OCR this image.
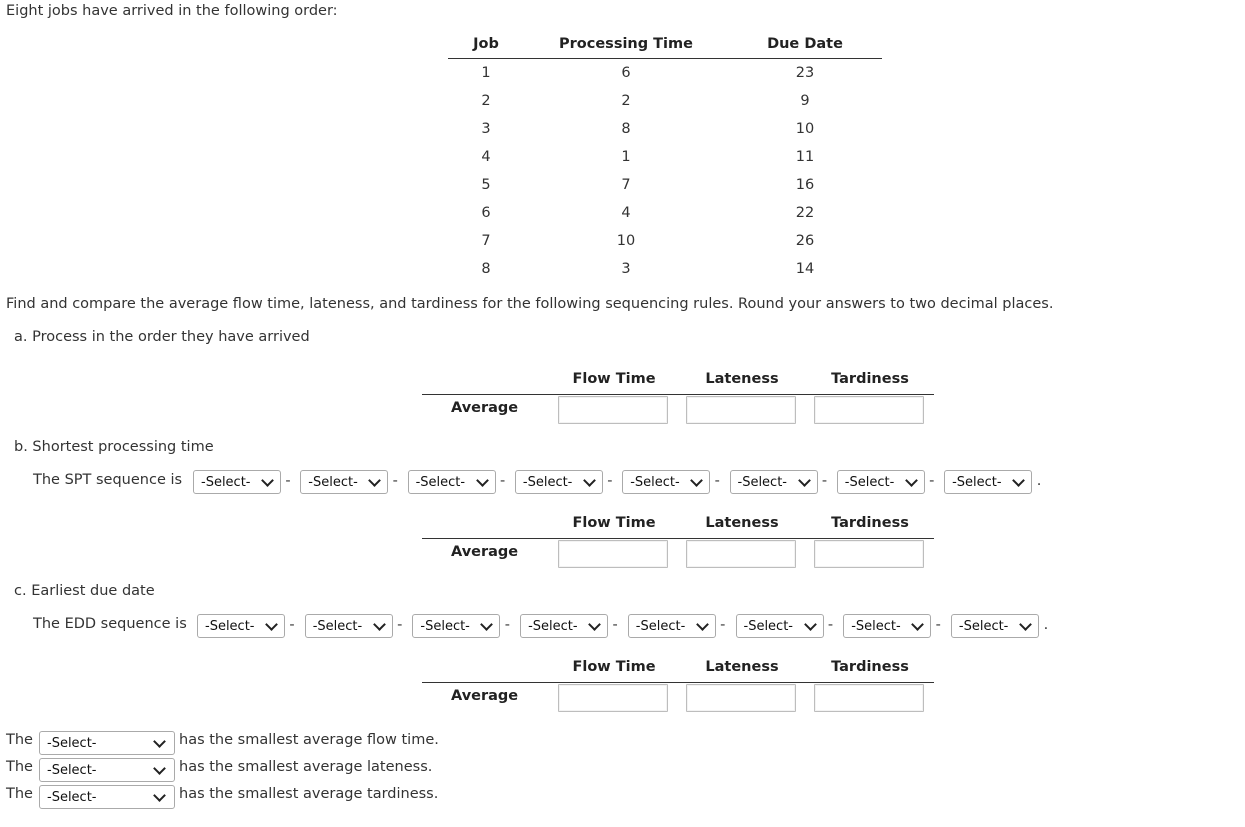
Eight jobs have arrived in the following order:
Job	Processing Time	Due Date
1	6	23
2	2	9
3	8	10
4	1	11
5	7	16
6	4	22
7	10	26
8	3	14
Find and compare the average flow time, lateness, and tardiness for the following sequencing rules. Round your answers to two decimal places.
a. Process in the order they have arrived
Flow Time	Lateness	Tardiness
Average
b. Shortest processing time
The SPT sequence is -Select- - -Select- - -Select- - -Select- - -Select- - -Select- - -Select- - -Select- .
Flow Time	Lateness	Tardiness
Average
c. Earliest due date
The EDD sequence is -Select- - -Select- - -Select- - -Select- - -Select- - -Select- - -Select- - -Select- .
Flow Time	Lateness	Tardiness
Average
The -Select-	has the smallest average flow time.
The -Select-	has the smallest average lateness.
The -Select-	has the smallest average tardiness.
